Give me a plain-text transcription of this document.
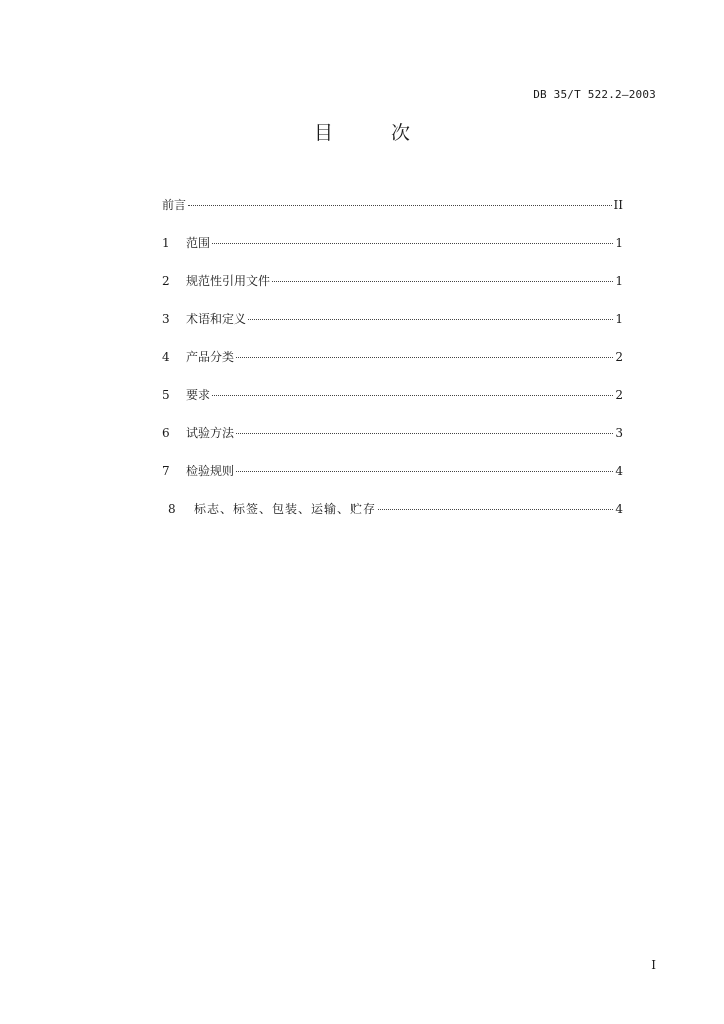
DB 35/T 522.2—2003
目 次
前言	II
1	范围	1
2	规范性引用文件	1
3	术语和定义	1
4	产品分类	2
5	要求	2
6	试验方法	3
7	检验规则	4
8	标志、标签、包装、运输、贮存	4
I
